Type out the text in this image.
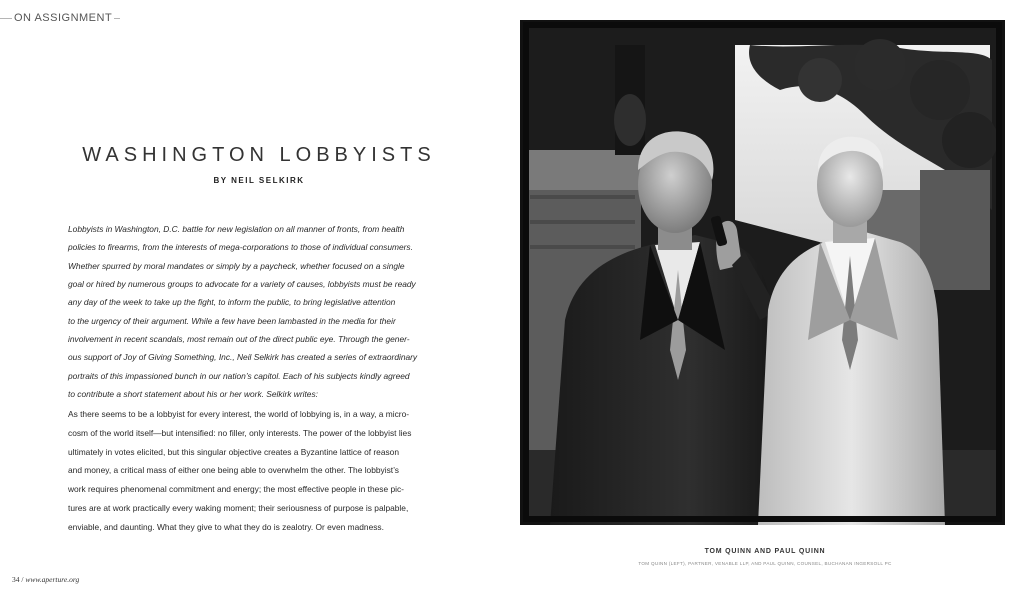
ON ASSIGNMENT
WASHINGTON LOBBYISTS
BY NEIL SELKIRK
Lobbyists in Washington, D.C. battle for new legislation on all manner of fronts, from health
policies to firearms, from the interests of mega-corporations to those of individual consumers.
Whether spurred by moral mandates or simply by a paycheck, whether focused on a single
goal or hired by numerous groups to advocate for a variety of causes, lobbyists must be ready
any day of the week to take up the fight, to inform the public, to bring legislative attention
to the urgency of their argument. While a few have been lambasted in the media for their
involvement in recent scandals, most remain out of the direct public eye. Through the gener-
ous support of Joy of Giving Something, Inc., Neil Selkirk has created a series of extraordinary
portraits of this impassioned bunch in our nation’s capitol. Each of his subjects kindly agreed
to contribute a short statement about his or her work. Selkirk writes:
As there seems to be a lobbyist for every interest, the world of lobbying is, in a way, a micro-
cosm of the world itself—but intensified: no filler, only interests. The power of the lobbyist lies
ultimately in votes elicited, but this singular objective creates a Byzantine lattice of reason
and money, a critical mass of either one being able to overwhelm the other. The lobbyist’s
work requires phenomenal commitment and energy; the most effective people in these pic-
tures are at work practically every waking moment; their seriousness of purpose is palpable,
enviable, and daunting. What they give to what they do is zealotry. Or even madness.
34 / www.aperture.org
TOM QUINN AND PAUL QUINN
TOM QUINN (LEFT), PARTNER, VENABLE LLP, AND PAUL QUINN, COUNSEL, BUCHANAN INGERSOLL PC
